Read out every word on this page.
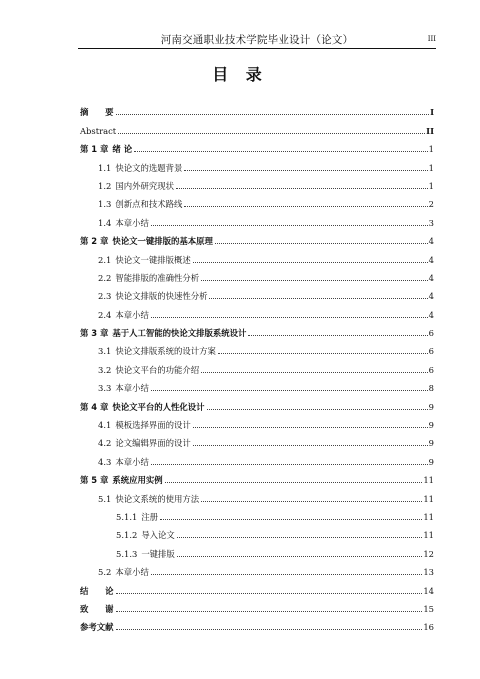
河南交通职业技术学院毕业设计（论文）	III
目 录
摘　　要	I
Abstract	II
第 1 章 绪 论	1
1.1 快论文的选题背景	1
1.2 国内外研究现状	1
1.3 创新点和技术路线	2
1.4 本章小结	3
第 2 章 快论文一键排版的基本原理	4
2.1 快论文一键排版概述	4
2.2 智能排版的准确性分析	4
2.3 快论文排版的快速性分析	4
2.4 本章小结	4
第 3 章 基于人工智能的快论文排版系统设计	6
3.1 快论文排版系统的设计方案	6
3.2 快论文平台的功能介绍	6
3.3 本章小结	8
第 4 章 快论文平台的人性化设计	9
4.1 模板选择界面的设计	9
4.2 论文编辑界面的设计	9
4.3 本章小结	9
第 5 章 系统应用实例	11
5.1 快论文系统的使用方法	11
5.1.1 注册	11
5.1.2 导入论文	11
5.1.3 一键排版	12
5.2 本章小结	13
结　　论	14
致　　谢	15
参考文献	16
